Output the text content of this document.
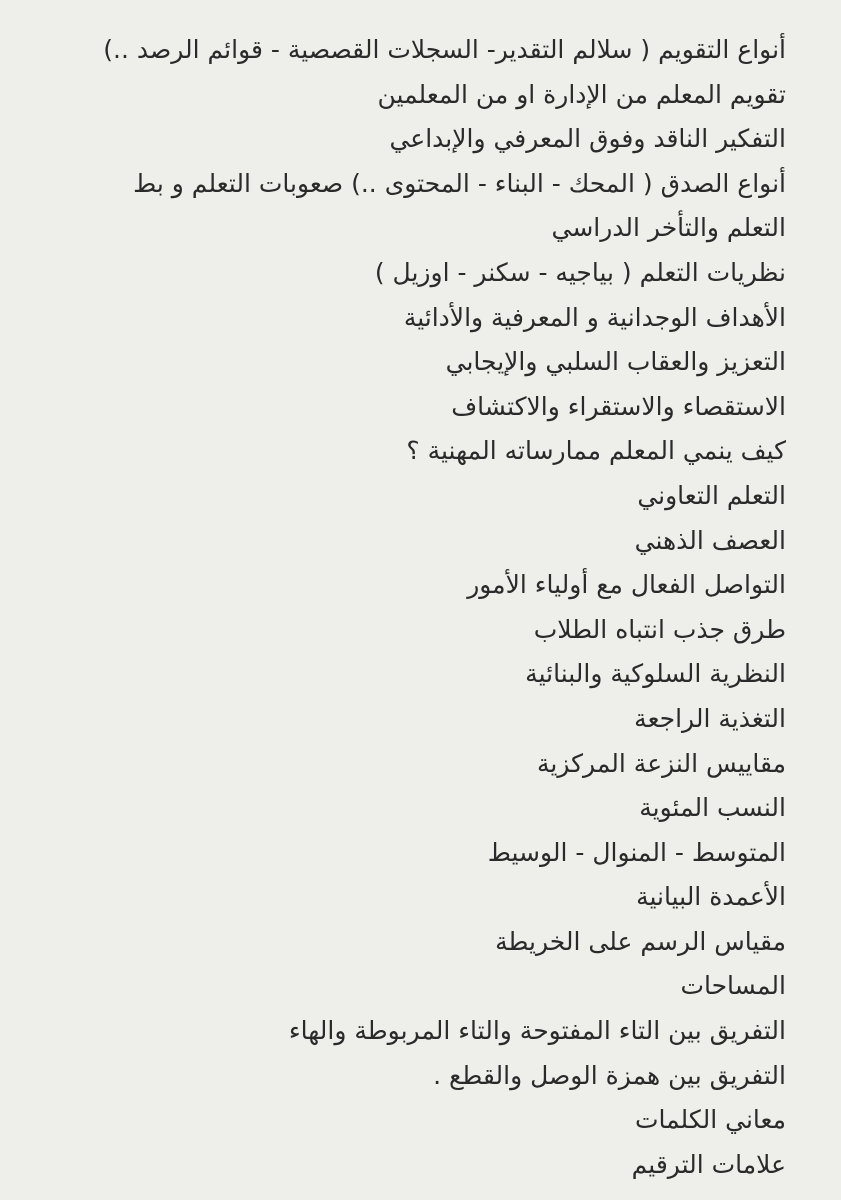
أنواع التقويم ( سلالم التقدير- السجلات القصصية - قوائم الرصد ..)
تقويم المعلم من الإدارة او من المعلمين
التفكير الناقد وفوق المعرفي والإبداعي
أنواع الصدق ( المحك - البناء - المحتوى ..) صعوبات التعلم و بط
التعلم والتأخر الدراسي
نظريات التعلم ( بياجيه - سكنر - اوزيل )
الأهداف الوجدانية و المعرفية والأدائية
التعزيز والعقاب السلبي والإيجابي
الاستقصاء والاستقراء والاكتشاف
كيف ينمي المعلم ممارساته المهنية ؟
التعلم التعاوني
العصف الذهني
التواصل الفعال مع أولياء الأمور
طرق جذب انتباه الطلاب
النظرية السلوكية والبنائية
التغذية الراجعة
مقاييس النزعة المركزية
النسب المئوية
المتوسط - المنوال - الوسيط
الأعمدة البيانية
مقياس الرسم على الخريطة
المساحات
التفريق بين التاء المفتوحة والتاء المربوطة والهاء
التفريق بين همزة الوصل والقطع .
معاني الكلمات
علامات الترقيم
